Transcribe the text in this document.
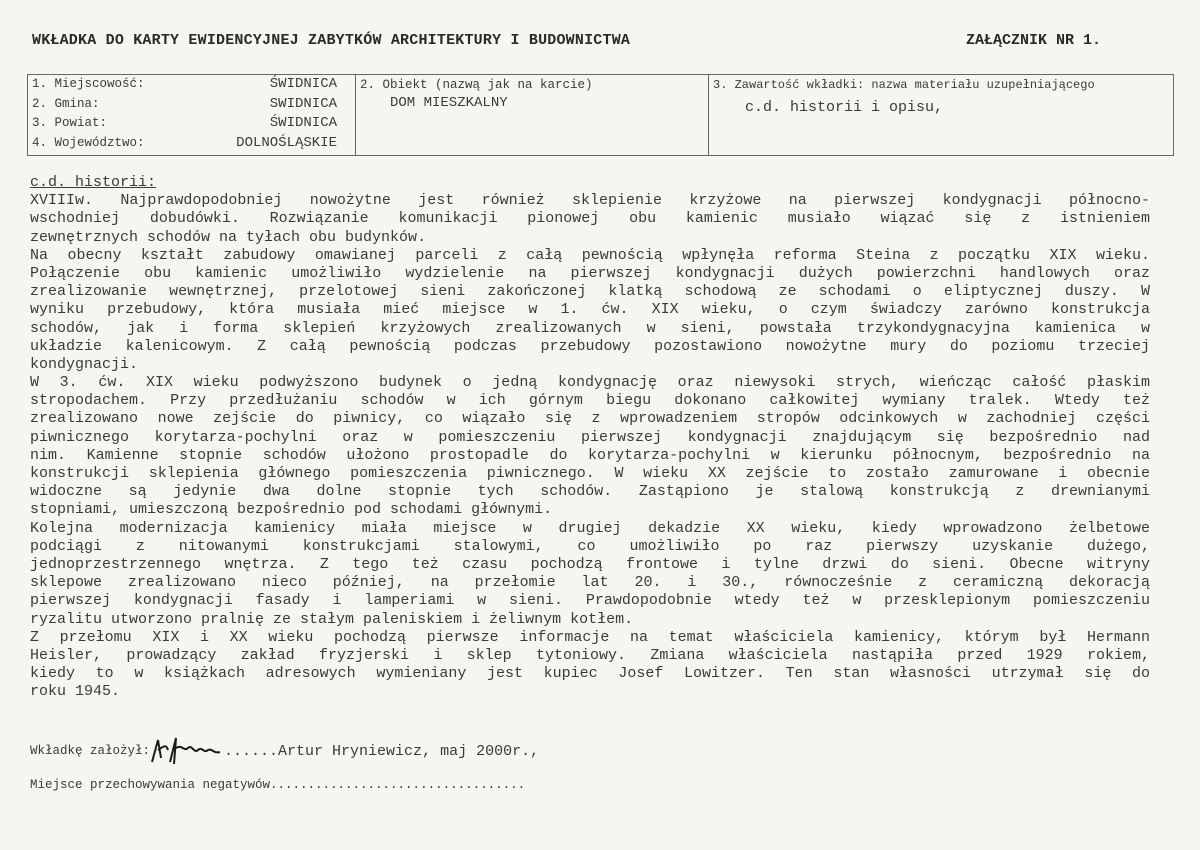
WKŁADKA DO KARTY EWIDENCYJNEJ ZABYTKÓW ARCHITEKTURY I BUDOWNICTWA	ZAŁĄCZNIK NR 1.
1. Miejscowość:	ŚWIDNICA
2. Gmina:	SWIDNICA
3. Powiat:	ŚWIDNICA
4. Województwo:	DOLNOŚLĄSKIE
2. Obiekt (nazwą jak na karcie)
DOM MIESZKALNY
3. Zawartość wkładki: nazwa materiału uzupełniającego
c.d. historii i opisu,
c.d. historii:
XVIIIw. Najprawdopodobniej nowożytne jest również sklepienie krzyżowe na pierwszej kondygnacji północno-
wschodniej dobudówki. Rozwiązanie komunikacji pionowej obu kamienic musiało wiązać się z istnieniem
zewnętrznych schodów na tyłach obu budynków.
Na obecny kształt zabudowy omawianej parceli z całą pewnością wpłynęła reforma Steina z początku XIX wieku.
Połączenie obu kamienic umożliwiło wydzielenie na pierwszej kondygnacji dużych powierzchni handlowych oraz
zrealizowanie wewnętrznej, przelotowej sieni zakończonej klatką schodową ze schodami o eliptycznej duszy. W
wyniku przebudowy, która musiała mieć miejsce w 1. ćw. XIX wieku, o czym świadczy zarówno konstrukcja
schodów, jak i forma sklepień krzyżowych zrealizowanych w sieni, powstała trzykondygnacyjna kamienica w
układzie kalenicowym. Z całą pewnością podczas przebudowy pozostawiono nowożytne mury do poziomu trzeciej
kondygnacji.
W 3. ćw. XIX wieku podwyższono budynek o jedną kondygnację oraz niewysoki strych, wieńcząc całość płaskim
stropodachem. Przy przedłużaniu schodów w ich górnym biegu dokonano całkowitej wymiany tralek. Wtedy też
zrealizowano nowe zejście do piwnicy, co wiązało się z wprowadzeniem stropów odcinkowych w zachodniej części
piwnicznego korytarza-pochylni oraz w pomieszczeniu pierwszej kondygnacji znajdującym się bezpośrednio nad
nim. Kamienne stopnie schodów ułożono prostopadle do korytarza-pochylni w kierunku północnym, bezpośrednio na
konstrukcji sklepienia głównego pomieszczenia piwnicznego. W wieku XX zejście to zostało zamurowane i obecnie
widoczne są jedynie dwa dolne stopnie tych schodów. Zastąpiono je stalową konstrukcją z drewnianymi
stopniami, umieszczoną bezpośrednio pod schodami głównymi.
Kolejna modernizacja kamienicy miała miejsce w drugiej dekadzie XX wieku, kiedy wprowadzono żelbetowe
podciągi z nitowanymi konstrukcjami stalowymi, co umożliwiło po raz pierwszy uzyskanie dużego,
jednoprzestrzennego wnętrza. Z tego też czasu pochodzą frontowe i tylne drzwi do sieni. Obecne witryny
sklepowe zrealizowano nieco później, na przełomie lat 20. i 30., równocześnie z ceramiczną dekoracją
pierwszej kondygnacji fasady i lamperiami w sieni. Prawdopodobnie wtedy też w przesklepionym pomieszczeniu
ryzalitu utworzono pralnię ze stałym paleniskiem i żeliwnym kotłem.
Z przełomu XIX i XX wieku pochodzą pierwsze informacje na temat właściciela kamienicy, którym był Hermann
Heisler, prowadzący zakład fryzjerski i sklep tytoniowy. Zmiana właściciela nastąpiła przed 1929 rokiem,
kiedy to w książkach adresowych wymieniany jest kupiec Josef Lowitzer. Ten stan własności utrzymał się do
roku 1945.
Wkładkę założył:	......Artur Hryniewicz, maj 2000r.,
Miejsce przechowywania negatywów..................................
